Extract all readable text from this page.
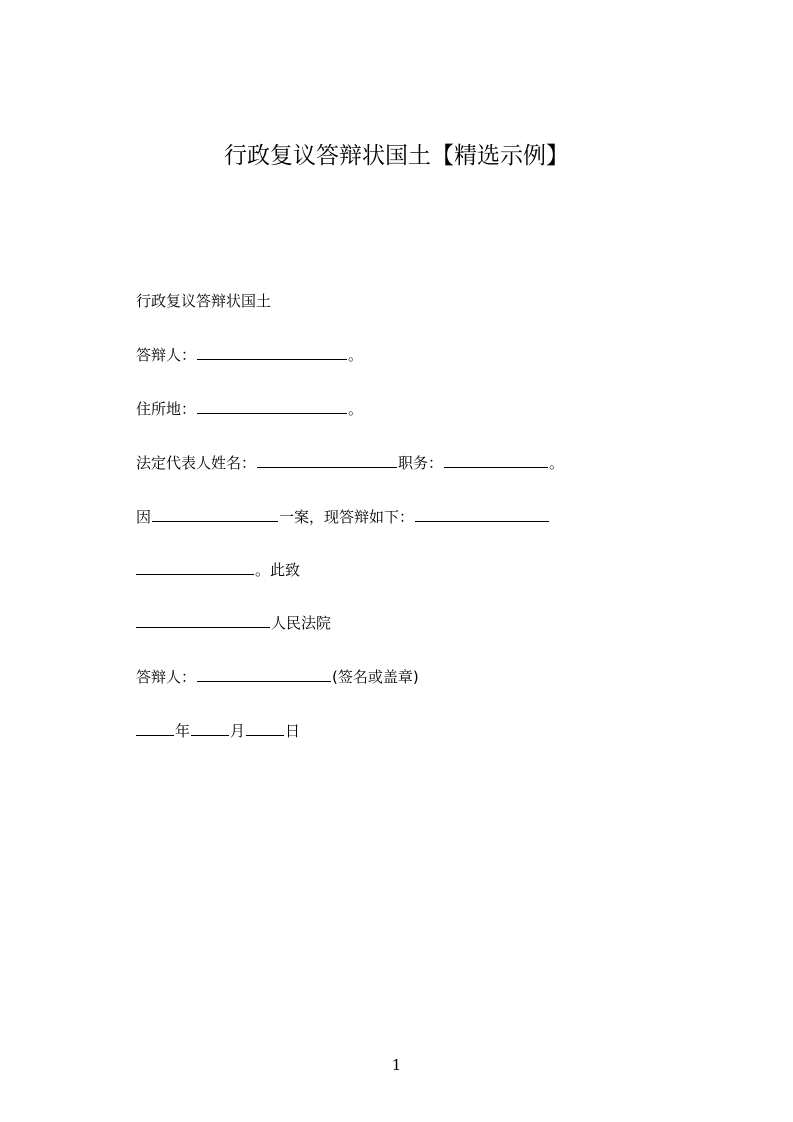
行政复议答辩状国土【精选示例】
行政复议答辩状国土
答辩人：	。
住所地：	。
法定代表人姓名：	职务：	。
因	一案，现答辩如下：
。此致
人民法院
答辩人：	(签名或盖章)
年	月	日
1
